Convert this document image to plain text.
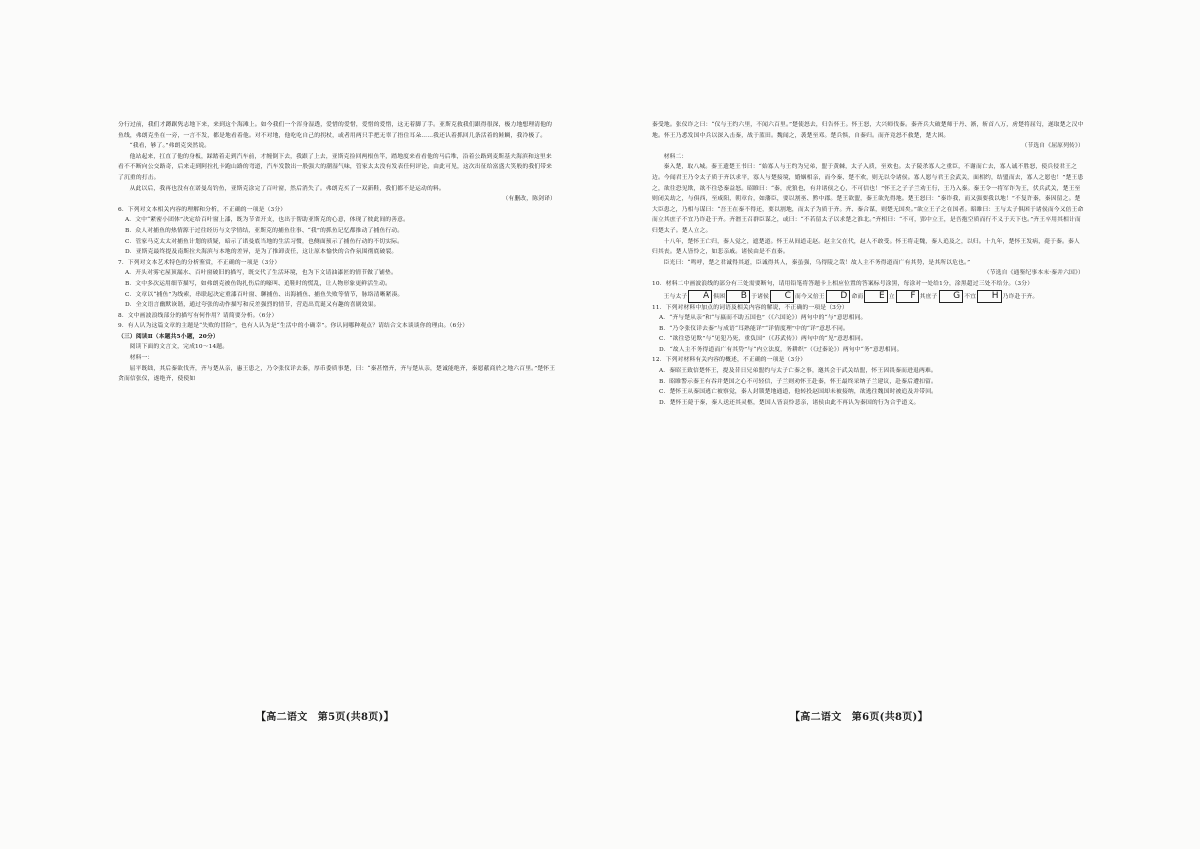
分行过前，我们才蹲踞隽志地下来，来到这个海滩上。如今我们一个浑身湿透，爱惜的爱惜，爱惜的爱惜，这无着脚了手。亚斯克救我们跟得很深，极力地想理清他的鱼线，弗朗克坐在一旁，一言不发，都是地看着他。对不对地，他吃吃自己的拐杖，或者用两只手把无辜了捂住耳朵……我还认着抓回几条活着的鲑鲷，我冷极了。

“我看，够了。”弗朗克突然说。

他站起来，扛直了他的身板，踩踏着走到汽车前，才缠倒下去，我跟了上去，亚斯克捡回两根鱼竿，踏地度来看看他的马后堆，沿着公路到麦斯基夫海滨和这里来看不不断向公交路奇，后来走到阿拉扎卡跑山路的弯道，汽车发散出一股强大的潮湿气味，管家太太没有发表任何评论，由此可见，这次出征给富盛大笑般的我们带来了沉重的打击。

从此以后，我再也没有在诺曼岛钓鱼，亚斯克涂完了百叶窗，然后消失了。弗朗克买了一双新鞋，我们都不是运动的料。

（有删改，陈剑译）

6．下列对文本相关内容的理解和分析，不正确的一项是（3分）

A．文中“紧密小团体”决定给百叶窗上漆，既为节省开支，也出于帮助亚斯克的心意，体现了彼此间的善意。

B．众人对捕鱼的热情源于过往经历与文学情结，亚斯克的捕鱼往事、“我”的抓鱼记忆都推动了捕鱼行动。

C．管家马克太太对捕鱼计划的质疑，暗示了诺曼底当地的生活习惯，也侧面预示了捕鱼行动的不切实际。

D．亚斯克最终提及南斯拉夫海滨与本地的差异，是为了推卸责任，这让原本愉快的合作氛围彻底破裂。

7．下列对文本艺术特色的分析鉴赏，不正确的一项是（3分）

A．开头对雾宅屋顶漏水、百叶窗破旧的描写，既交代了生活环境，也为下文请油漆匠的情节做了铺垫。

B．文中多次运用细节描写，如弗朗克被鱼钩扎伤后的嚎叫、追鞋时的慌乱，让人物形象更鲜活生动。

C．文章以“捕鱼”为线索，串联起决定重漆百叶窗、聊捕鱼、出海捕鱼、捕鱼失败等情节，脉络清晰紧凑。

D．全文语言幽默诙谐，通过夸张的动作描写和反差强烈的情节，营造出荒诞又有趣的喜剧效果。

8．文中画波浪线部分的描写有何作用？请简要分析。（6分）

9．有人认为这篇文章的主题是“失败的冒险”，也有人认为是“生活中的小确幸”。你认同哪种观点？请结合文本谈谈你的理由。（6分）

（三）阅读Ⅱ（本题共5小题，20分）

阅读下面的文言文，完成10～14题。

材料一：

屈平既绌，其后秦欲伐齐，齐与楚从亲，惠王患之，乃令张仪详去秦，厚币委质事楚，曰：“秦甚憎齐，齐与楚从亲，楚诚能绝齐，秦愿献商於之地六百里。”楚怀王贪而信张仪，遂绝齐，使使如

【高二语文　第5页(共8页)】

秦受地。张仪诈之曰：“仪与王约六里，不闻六百里。”楚使怒去，归告怀王。怀王怒，大兴师伐秦。秦齐兵大破楚师于丹、淅，斩首八万，虏楚将屈匄，遂取楚之汉中地。怀王乃悉发国中兵以深入击秦，战于蓝田。魏闻之，袭楚至邓。楚兵惧，自秦归。而齐竟怒不救楚，楚大困。

（节选自《屈原列传》）

材料二：

秦入楚，取八城。秦王遗楚王书曰：“始寡人与王约为兄弟，盟于黄棘，太子入质，至欢也。太子陵杀寡人之重臣，不谢而亡去，寡人诚不胜怒，使兵侵君王之边。今闻君王乃令太子质于齐以求平，寡人与楚接境，婚姻相亲，而今秦、楚不欢，则无以令诸侯。寡人愿与君王会武关，面相约，结盟而去，寡人之愿也！”楚王患之，欲往恐见欺，欲不往恐秦益怒。昭睢曰：“秦，虎狼也，有并诸侯之心，不可信也！”怀王之子子兰劝王行，王乃入秦。秦王令一将军诈为王，伏兵武关，楚王至则闭关劫之，与俱西，至咸阳，朝章台，如藩臣，要以割巫、黔中郡。楚王欲盟，秦王欲先得地。楚王怒曰：“秦诈我，而又强要我以地！”不复许秦，秦因留之。楚大臣患之，乃相与谋曰：“吾王在秦不得还，要以割地，而太子为质于齐。齐、秦合谋，则楚无国矣。”欲立王子之在国者。昭睢曰：王与太子俱困于诸侯而今又倍王命而立其庶子不宜乃诈赴于齐。齐湣王召群臣谋之，或曰：“不若留太子以求楚之淮北。”齐相曰：“不可，郢中立王，是吾抱空质而行不义于天下也。”齐王卒用其相计而归楚太子。楚人立之。

十八年，楚怀王亡归，秦人觉之，遮楚道。怀王从间道走赵。赵主父在代，赵人不敢受。怀王将走魏，秦人追及之，以归。十九年，楚怀王发病，薨于秦。秦人归其丧。楚人皆怜之，如悲亲戚。诸侯由是不直秦。

臣光曰：“鸣呼，楚之君诚得其道，臣诚得其人，秦虽强，乌得陵之哉！故人主不务得道而广有其势，是其所以危也。”

（节选自《通鉴纪事本末·秦并六国》）

10．材料二中画波浪线的部分有三处需要断句，请用铅笔将答题卡上相应位置的答案标号涂黑，每涂对一处给1分，涂黑超过三处不给分。（3分）

王与太子 A 俱困 B 于诸侯 C 而今又倍王 D 命而 E 立 F 其庶子 G 不宜 H 乃诈赴于齐。

11．下列对材料中加点的词语及相关内容的解说，不正确的一项是（3分）

A．“齐与楚从亲”和“与嬴而不助五国也”（《六国论》）两句中的“与”意思相同。

B．“乃令张仪详去秦”与成语“耳熟能详”“详情度理”中的“详”意思不同。

C．“欲往恐见欺”与“见犯乃死，重负国”（《苏武传》）两句中的“见”意思相同。

D．“故人主不务得道而广有其势”与“内立法度，务耕织”（《过秦论》）两句中“务”意思相同。

12．下列对材料有关内容的概述，不正确的一项是（3分）

A．秦昭王致信楚怀王，提及昔日兄弟盟约与太子亡秦之事，邀其会于武关结盟，怀王因畏秦而进退两难。

B．昭睢警示秦王有吞并楚国之心不可轻信，子兰则劝怀王赴秦，怀王最终采纳子兰建议，赴秦后遭扣留。

C．楚怀王从秦国逃亡被察觉，秦人封锁楚地通道，他转投赵国却未被接纳，欲逃往魏国时被追及并带回。

D．楚怀王薨于秦，秦人送还其灵柩，楚国人皆哀怜悲亲，诸侯由此不再认为秦国的行为合乎道义。

【高二语文　第6页(共8页)】
